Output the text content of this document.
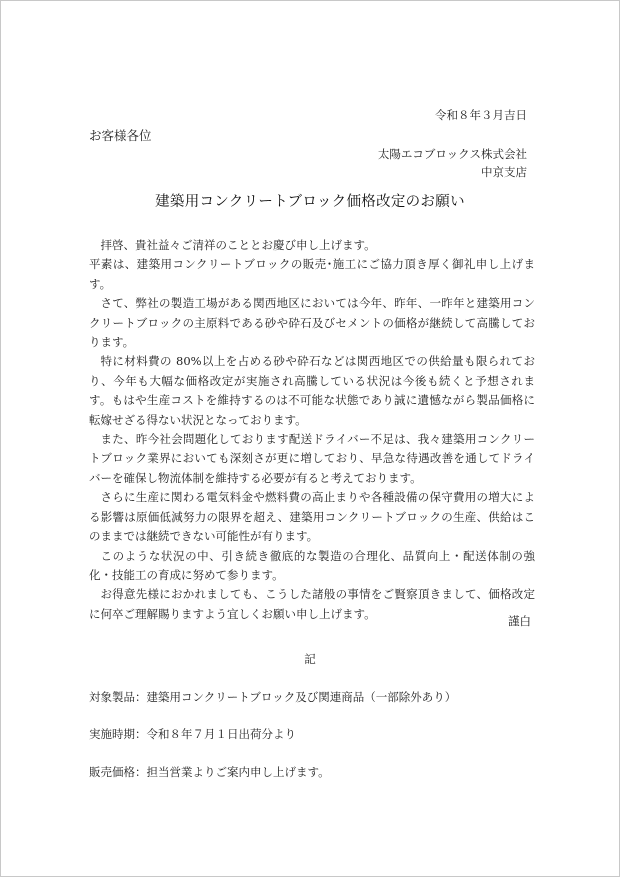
令和８年３月吉日
お客様各位
太陽エコブロックス株式会社
中京支店
建築用コンクリートブロック価格改定のお願い

拝啓、貴社益々ご清祥のこととお慶び申し上げます。

平素は、建築用コンクリートブロックの販売･施工にご協力頂き厚く御礼申し上げます。

さて、弊社の製造工場がある関西地区においては今年、昨年、一昨年と建築用コンクリートブロックの主原料である砂や砕石及びセメントの価格が継続して高騰しております。

特に材料費の 80%以上を占める砂や砕石などは関西地区での供給量も限られており、今年も大幅な価格改定が実施され高騰している状況は今後も続くと予想されます。もはや生産コストを維持するのは不可能な状態であり誠に遺憾ながら製品価格に転嫁せざる得ない状況となっております。

また、昨今社会問題化しております配送ドライバー不足は、我々建築用コンクリートブロック業界においても深刻さが更に増しており、早急な待遇改善を通してドライバーを確保し物流体制を維持する必要が有ると考えております。

さらに生産に関わる電気料金や燃料費の高止まりや各種設備の保守費用の増大による影響は原価低減努力の限界を超え、建築用コンクリートブロックの生産、供給はこのままでは継続できない可能性が有ります。

このような状況の中、引き続き徹底的な製造の合理化、品質向上・配送体制の強化・技能工の育成に努めて参ります。

お得意先様におかれましても、こうした諸般の事情をご賢察頂きまして、価格改定に何卒ご理解賜りますよう宜しくお願い申し上げます。

謹白
記
対象製品：建築用コンクリートブロック及び関連商品（一部除外あり）
実施時期：令和８年７月１日出荷分より
販売価格：担当営業よりご案内申し上げます。
